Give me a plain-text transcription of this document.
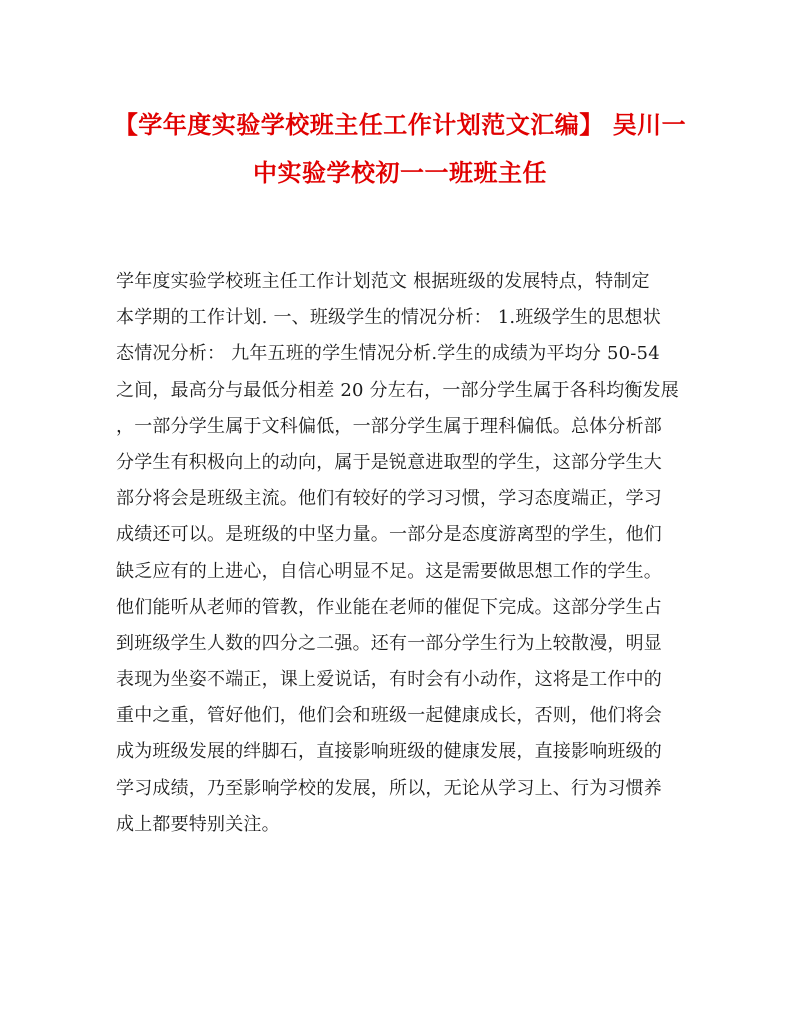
【学年度实验学校班主任工作计划范文汇编】 吴川一
中实验学校初一一班班主任
学年度实验学校班主任工作计划范文 根据班级的发展特点，特制定
本学期的工作计划. 一、班级学生的情况分析： 1.班级学生的思想状
态情况分析： 九年五班的学生情况分析.学生的成绩为平均分 50-54
之间，最高分与最低分相差 20 分左右，一部分学生属于各科均衡发展
，一部分学生属于文科偏低，一部分学生属于理科偏低。总体分析部
分学生有积极向上的动向，属于是锐意进取型的学生，这部分学生大
部分将会是班级主流。他们有较好的学习习惯，学习态度端正，学习
成绩还可以。是班级的中坚力量。一部分是态度游离型的学生，他们
缺乏应有的上进心，自信心明显不足。这是需要做思想工作的学生。
他们能听从老师的管教，作业能在老师的催促下完成。这部分学生占
到班级学生人数的四分之二强。还有一部分学生行为上较散漫，明显
表现为坐姿不端正，课上爱说话，有时会有小动作，这将是工作中的
重中之重，管好他们，他们会和班级一起健康成长，否则，他们将会
成为班级发展的绊脚石，直接影响班级的健康发展，直接影响班级的
学习成绩，乃至影响学校的发展，所以，无论从学习上、行为习惯养
成上都要特别关注。
